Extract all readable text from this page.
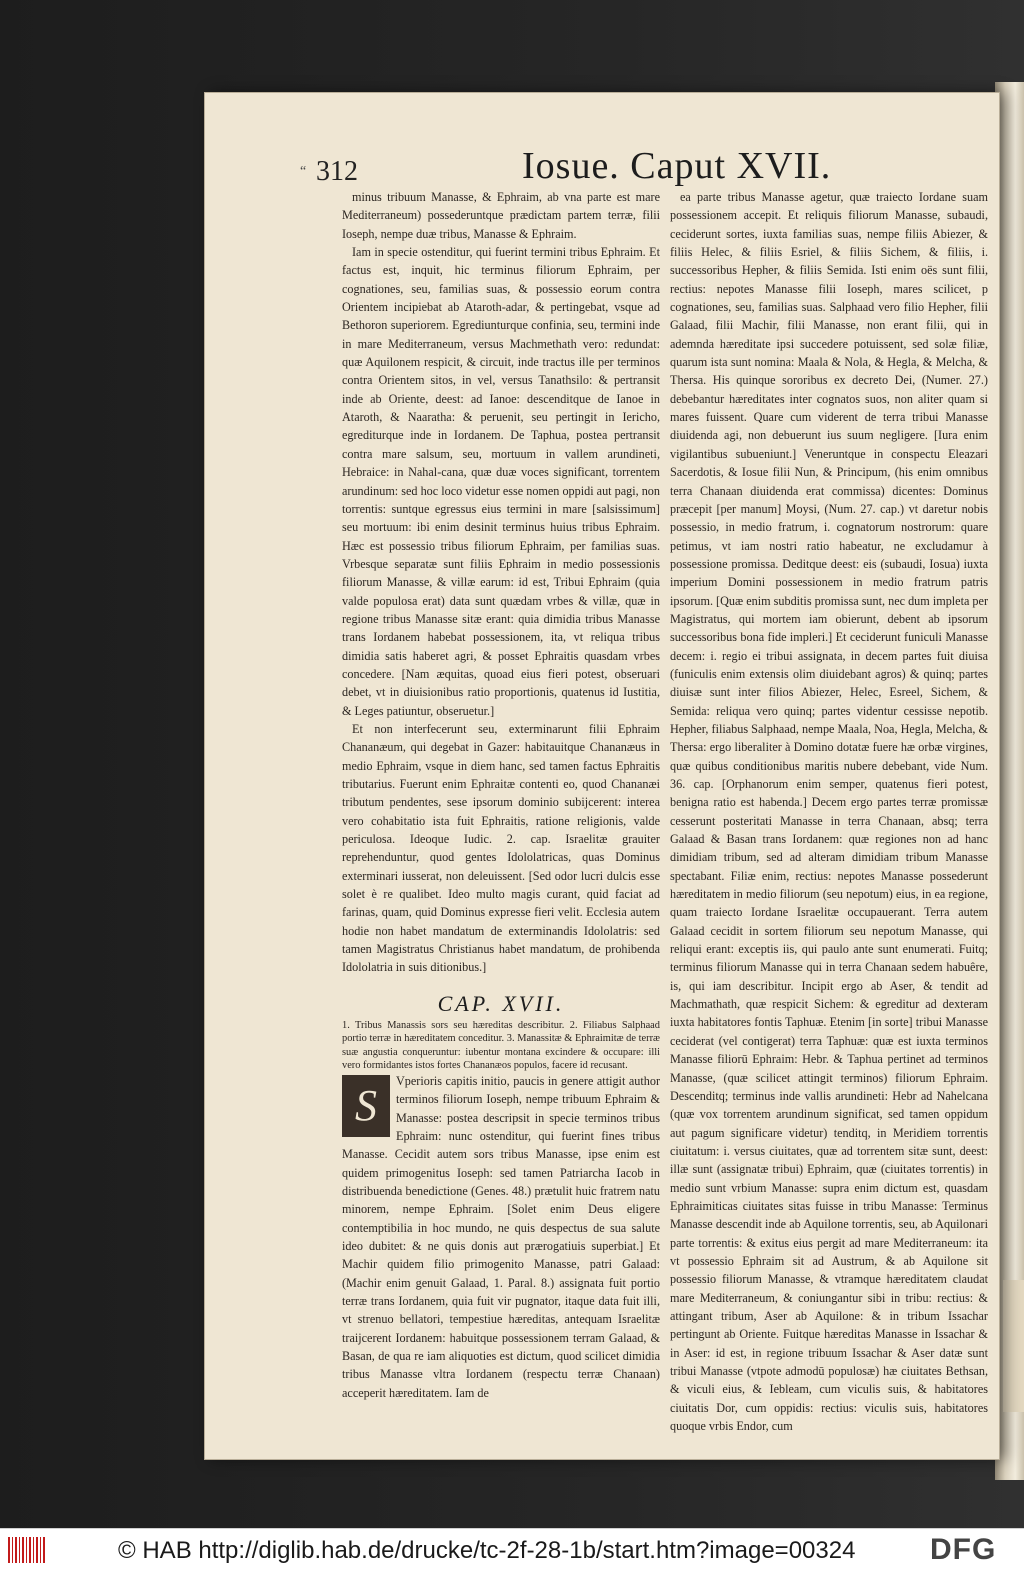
“ 312	Iosue. Caput XVII.

minus tribuum Manasse, & Ephraim, ab vna parte est mare Mediterraneum) possederuntque prædictam partem terræ, filii Ioseph, nempe duæ tribus, Manasse & Ephraim.

Iam in specie ostenditur, qui fuerint termini tribus Ephraim. Et factus est, inquit, hic terminus filiorum Ephraim, per cognationes, seu, familias suas, & possessio eorum contra Orientem incipiebat ab Ataroth-adar, & pertingebat, vsque ad Bethoron superiorem. Egrediunturque confinia, seu, termini inde in mare Mediterraneum, versus Machmethath vero: redundat: quæ Aquilonem respicit, & circuit, inde tractus ille per terminos contra Orientem sitos, in vel, versus Tanathsilo: & pertransit inde ab Oriente, deest: ad Ianoe: descenditque de Ianoe in Ataroth, & Naaratha: & peruenit, seu pertingit in Iericho, egrediturque inde in Iordanem. De Taphua, postea pertransit contra mare salsum, seu, mortuum in vallem arundineti, Hebraice: in Nahal-cana, quæ duæ voces significant, torrentem arundinum: sed hoc loco videtur esse nomen oppidi aut pagi, non torrentis: suntque egressus eius termini in mare [salsissimum] seu mortuum: ibi enim desinit terminus huius tribus Ephraim. Hæc est possessio tribus filiorum Ephraim, per familias suas. Vrbesque separatæ sunt filiis Ephraim in medio possessionis filiorum Manasse, & villæ earum: id est, Tribui Ephraim (quia valde populosa erat) data sunt quædam vrbes & villæ, quæ in regione tribus Manasse sitæ erant: quia dimidia tribus Manasse trans Iordanem habebat possessionem, ita, vt reliqua tribus dimidia satis haberet agri, & posset Ephraitis quasdam vrbes concedere. [Nam æquitas, quoad eius fieri potest, obseruari debet, vt in diuisionibus ratio proportionis, quatenus id Iustitia, & Leges patiuntur, obseruetur.]

Et non interfecerunt seu, exterminarunt filii Ephraim Chananæum, qui degebat in Gazer: habitauitque Chananæus in medio Ephraim, vsque in diem hanc, sed tamen factus Ephraitis tributarius. Fuerunt enim Ephraitæ contenti eo, quod Chananæi tributum pendentes, sese ipsorum dominio subijcerent: interea vero cohabitatio ista fuit Ephraitis, ratione religionis, valde periculosa. Ideoque Iudic. 2. cap. Israelitæ grauiter reprehenduntur, quod gentes Idololatricas, quas Dominus exterminari iusserat, non deleuissent. [Sed odor lucri dulcis esse solet è re qualibet. Ideo multo magis curant, quid faciat ad farinas, quam, quid Dominus expresse fieri velit. Ecclesia autem hodie non habet mandatum de exterminandis Idololatris: sed tamen Magistratus Christianus habet mandatum, de prohibenda Idololatria in suis ditionibus.]

CAP. XVII.

1. Tribus Manassis sors seu hæreditas describitur. 2. Filiabus Salphaad portio terræ in hæreditatem conceditur. 3. Manassitæ & Ephraimitæ de terræ suæ angustia conqueruntur: iubentur montana excindere & occupare: illi vero formidantes istos fortes Chananæos populos, facere id recusant.

S	Vperioris capitis initio, paucis in genere attigit author terminos filiorum Ioseph, nempe tribuum Ephraim & Manasse: postea descripsit in specie terminos tribus Ephraim: nunc ostenditur, qui fuerint fines tribus Manasse. Cecidit autem sors tribus Manasse, ipse enim est quidem primogenitus Ioseph: sed tamen Patriarcha Iacob in distribuenda benedictione (Genes. 48.) prætulit huic fratrem natu minorem, nempe Ephraim. [Solet enim Deus eligere contemptibilia in hoc mundo, ne quis despectus de sua salute ideo dubitet: & ne quis donis aut prærogatiuis superbiat.] Et Machir quidem filio primogenito Manasse, patri Galaad: (Machir enim genuit Galaad, 1. Paral. 8.) assignata fuit portio terræ trans Iordanem, quia fuit vir pugnator, itaque data fuit illi, vt strenuo bellatori, tempestiue hæreditas, antequam Israelitæ traijcerent Iordanem: habuitque possessionem terram Galaad, & Basan, de qua re iam aliquoties est dictum, quod scilicet dimidia tribus Manasse vltra Iordanem (respectu terræ Chanaan) acceperit hæreditatem. Iam de

ea parte tribus Manasse agetur, quæ traiecto Iordane suam possessionem accepit. Et reliquis filiorum Manasse, subaudi, ceciderunt sortes, iuxta familias suas, nempe filiis Abiezer, & filiis Helec, & filiis Esriel, & filiis Sichem, & filiis, i. successoribus Hepher, & filiis Semida. Isti enim oës sunt filii, rectius: nepotes Manasse filii Ioseph, mares scilicet, p cognationes, seu, familias suas. Salphaad vero filio Hepher, filii Galaad, filii Machir, filii Manasse, non erant filii, qui in ademnda hæreditate ipsi succedere potuissent, sed solæ filiæ, quarum ista sunt nomina: Maala & Nola, & Hegla, & Melcha, & Thersa. His quinque sororibus ex decreto Dei, (Numer. 27.) debebantur hæreditates inter cognatos suos, non aliter quam si mares fuissent. Quare cum viderent de terra tribui Manasse diuidenda agi, non debuerunt ius suum negligere. [Iura enim vigilantibus subueniunt.] Veneruntque in conspectu Eleazari Sacerdotis, & Iosue filii Nun, & Principum, (his enim omnibus terra Chanaan diuidenda erat commissa) dicentes: Dominus præcepit [per manum] Moysi, (Num. 27. cap.) vt daretur nobis possessio, in medio fratrum, i. cognatorum nostrorum: quare petimus, vt iam nostri ratio habeatur, ne excludamur à possessione promissa. Deditque deest: eis (subaudi, Iosua) iuxta imperium Domini possessionem in medio fratrum patris ipsorum. [Quæ enim subditis promissa sunt, nec dum impleta per Magistratus, qui mortem iam obierunt, debent ab ipsorum successoribus bona fide impleri.] Et ceciderunt funiculi Manasse decem: i. regio ei tribui assignata, in decem partes fuit diuisa (funiculis enim extensis olim diuidebant agros) & quinq; partes diuisæ sunt inter filios Abiezer, Helec, Esreel, Sichem, & Semida: reliqua vero quinq; partes videntur cessisse nepotib. Hepher, filiabus Salphaad, nempe Maala, Noa, Hegla, Melcha, & Thersa: ergo liberaliter à Domino dotatæ fuere hæ orbæ virgines, quæ quibus conditionibus maritis nubere debebant, vide Num. 36. cap. [Orphanorum enim semper, quatenus fieri potest, benigna ratio est habenda.] Decem ergo partes terræ promissæ cesserunt posteritati Manasse in terra Chanaan, absq; terra Galaad & Basan trans Iordanem: quæ regiones non ad hanc dimidiam tribum, sed ad alteram dimidiam tribum Manasse spectabant. Filiæ enim, rectius: nepotes Manasse possederunt hæreditatem in medio filiorum (seu nepotum) eius, in ea regione, quam traiecto Iordane Israelitæ occupauerant. Terra autem Galaad cecidit in sortem filiorum seu nepotum Manasse, qui reliqui erant: exceptis iis, qui paulo ante sunt enumerati. Fuitq; terminus filiorum Manasse qui in terra Chanaan sedem habuêre, is, qui iam describitur. Incipit ergo ab Aser, & tendit ad Machmathath, quæ respicit Sichem: & egreditur ad dexteram iuxta habitatores fontis Taphuæ. Etenim [in sorte] tribui Manasse ceciderat (vel contigerat) terra Taphuæ: quæ est iuxta terminos Manasse filiorū Ephraim: Hebr. & Taphua pertinet ad terminos Manasse, (quæ scilicet attingit terminos) filiorum Ephraim. Descenditq; terminus inde vallis arundineti: Hebr ad Nahelcana (quæ vox torrentem arundinum significat, sed tamen oppidum aut pagum significare videtur) tenditq, in Meridiem torrentis ciuitatum: i. versus ciuitates, quæ ad torrentem sitæ sunt, deest: illæ sunt (assignatæ tribui) Ephraim, quæ (ciuitates torrentis) in medio sunt vrbium Manasse: supra enim dictum est, quasdam Ephraimiticas ciuitates sitas fuisse in tribu Manasse: Terminus Manasse descendit inde ab Aquilone torrentis, seu, ab Aquilonari parte torrentis: & exitus eius pergit ad mare Mediterraneum: ita vt possessio Ephraim sit ad Austrum, & ab Aquilone sit possessio filiorum Manasse, & vtramque hæreditatem claudat mare Mediterraneum, & coniungantur sibi in tribu: rectius: & attingant tribum, Aser ab Aquilone: & in tribum Issachar pertingunt ab Oriente. Fuitque hæreditas Manasse in Issachar & in Aser: id est, in regione tribuum Issachar & Aser datæ sunt tribui Manasse (vtpote admodū populosæ) hæ ciuitates Bethsan, & viculi eius, & Iebleam, cum viculis suis, & habitatores ciuitatis Dor, cum oppidis: rectius: viculis suis, habitatores quoque vrbis Endor, cum

© HAB http://diglib.hab.de/drucke/tc-2f-28-1b/start.htm?image=00324 DFG
